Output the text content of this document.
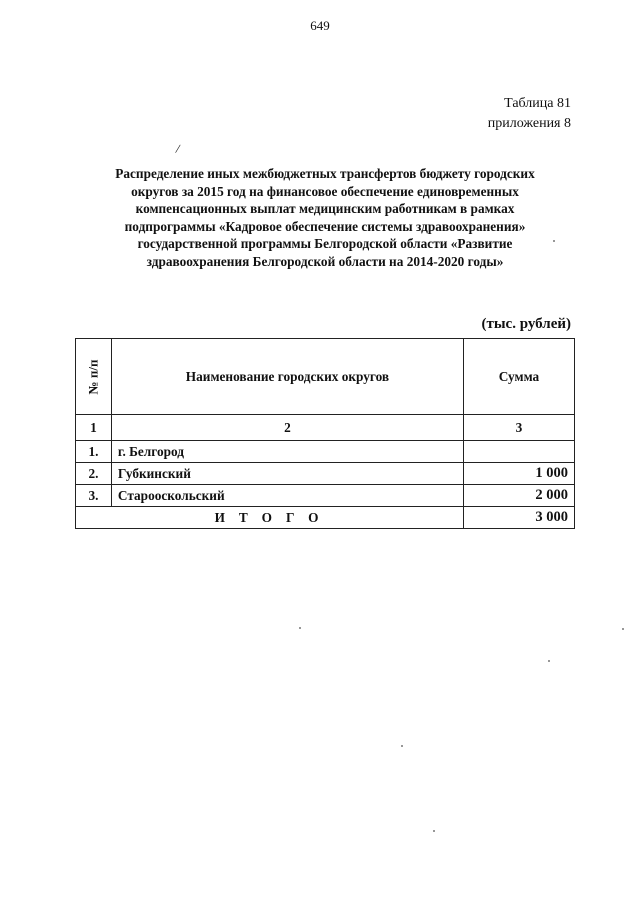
649
Таблица 81
приложения 8
/
Распределение иных межбюджетных трансфертов бюджету городских
округов за 2015 год на финансовое обеспечение единовременных
компенсационных выплат медицинским работникам в рамках
подпрограммы «Кадровое обеспечение системы здравоохранения»
государственной программы Белгородской области «Развитие
здравоохранения Белгородской области на 2014-2020 годы»
(тыс. рублей)
№ п/п	Наименование городских округов	Сумма
1	2	3
1.	г. Белгород	
2.	Губкинский	1 000
3.	Старооскольский	2 000
ИТОГО		3 000
